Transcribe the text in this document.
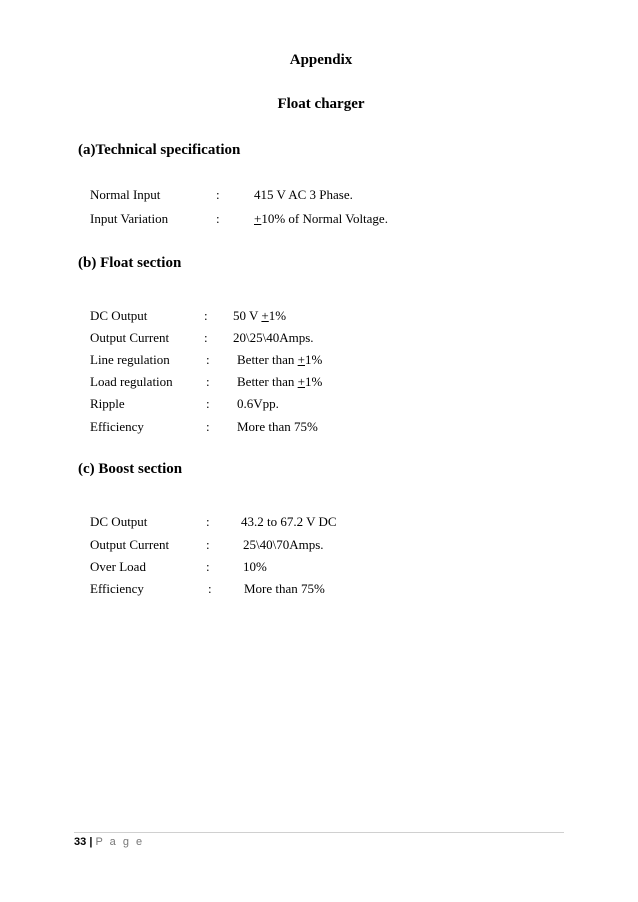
Appendix
Float charger
(a)Technical specification
Normal Input	:	415 V AC 3 Phase.
Input Variation	:	+10% of Normal Voltage.
(b) Float section
DC Output	: 50 V +1%
Output Current	: 20\25\40Amps.
Line regulation	: Better than +1%
Load regulation	: Better than +1%
Ripple	: 0.6Vpp.
Efficiency	: More than 75%
(c) Boost section
DC Output	: 43.2 to 67.2 V DC
Output Current	:	25\40\70Amps.
Over Load	:	10%
Efficiency	: More than 75%
33 | P a g e
